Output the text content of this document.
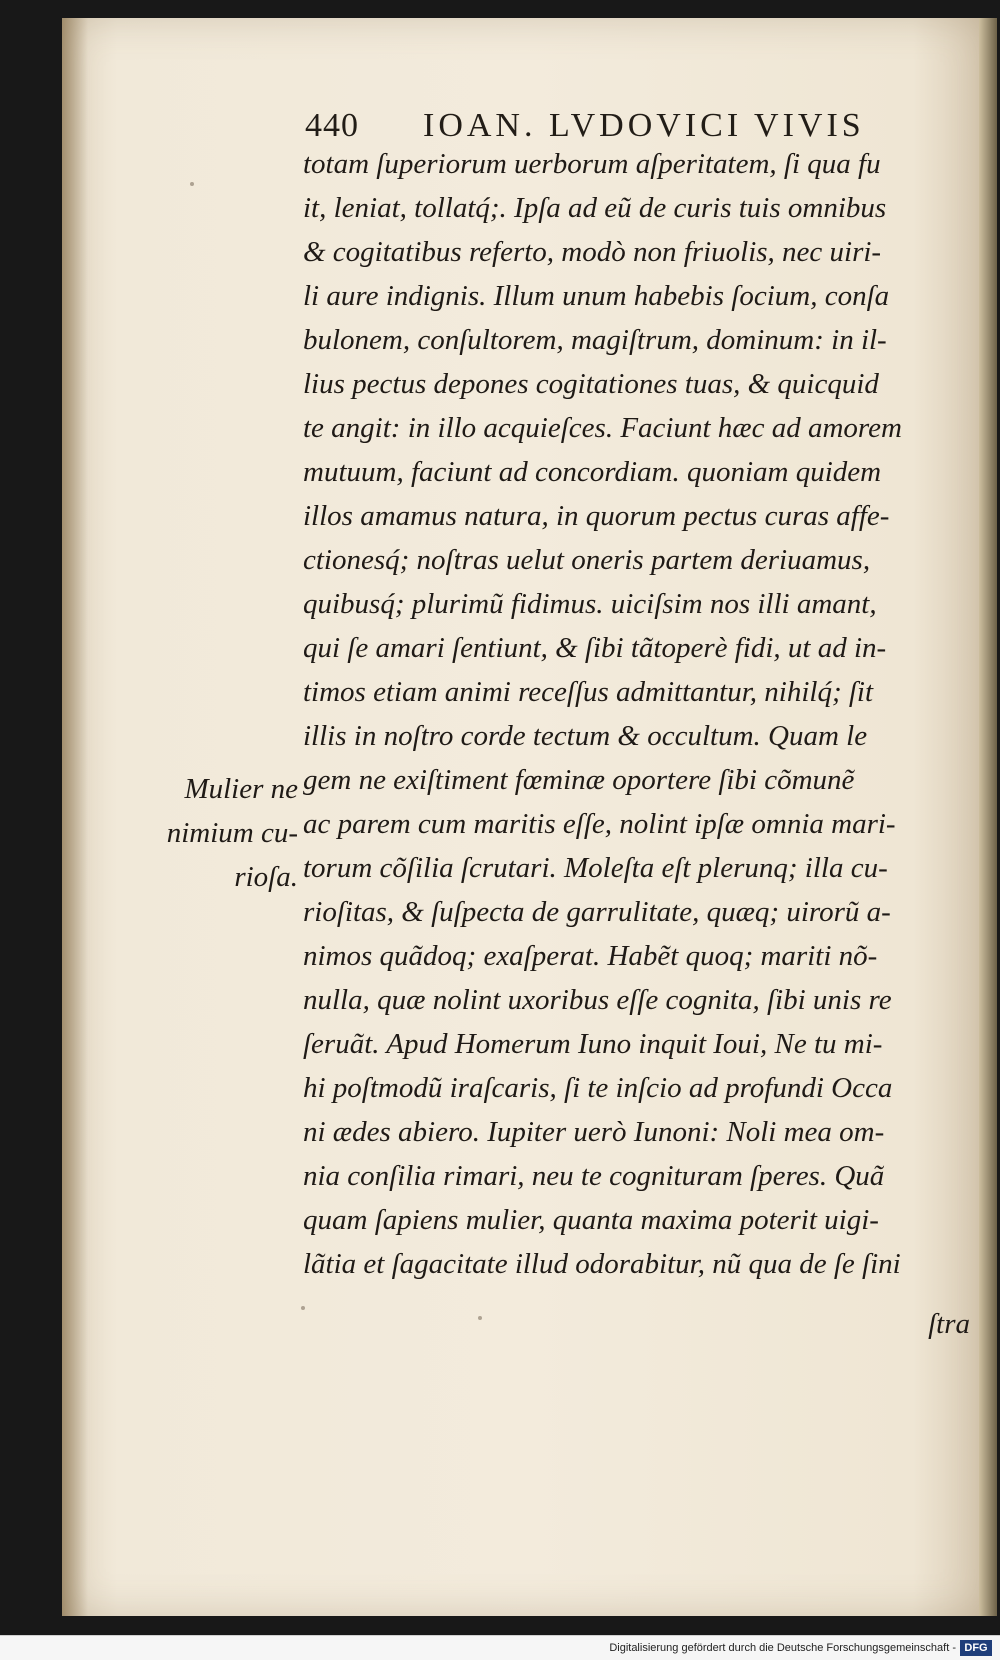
440 IOAN. LVDOVICI VIVIS
totam ſuperiorum uerborum aſperitatem, ſi qua fu
it, leniat, tollatq́;. Ipſa ad eũ de curis tuis omnibus
& cogitatibus referto, modò non friuolis, nec uiri-
li aure indignis. Illum unum habebis ſocium, conſa
bulonem, conſultorem, magiſtrum, dominum: in il-
lius pectus depones cogitationes tuas, & quicquid
te angit: in illo acquieſces. Faciunt hæc ad amorem
mutuum, faciunt ad concordiam. quoniam quidem
illos amamus natura, in quorum pectus curas affe-
ctionesq́; noſtras uelut oneris partem deriuamus,
quibusq́; plurimũ fidimus. uiciſsim nos illi amant,
qui ſe amari ſentiunt, & ſibi tãtoperè fidi, ut ad in-
timos etiam animi receſſus admittantur, nihilq́; ſit
illis in noſtro corde tectum & occultum. Quam le
gem ne exiſtiment fœminæ oportere ſibi cõmunẽ
ac parem cum maritis eſſe, nolint ipſæ omnia mari-
torum cõſilia ſcrutari. Moleſta eſt plerunq; illa cu-
rioſitas, & ſuſpecta de garrulitate, quæq; uirorũ a-
nimos quãdoq; exaſperat. Habẽt quoq; mariti nõ-
nulla, quæ nolint uxoribus eſſe cognita, ſibi unis re
ſeruãt. Apud Homerum Iuno inquit Ioui, Ne tu mi-
hi poſtmodũ iraſcaris, ſi te inſcio ad profundi Occa
ni ædes abiero. Iupiter uerò Iunoni: Noli mea om-
nia conſilia rimari, neu te cognituram ſperes. Quã
quam ſapiens mulier, quanta maxima poterit uigi-
lãtia et ſagacitate illud odorabitur, nũ qua de ſe ſini
ſtra
Mulier ne
nimium cu-
rioſa.
Digitalisierung gefördert durch die Deutsche Forschungsgemeinschaft - DFG
